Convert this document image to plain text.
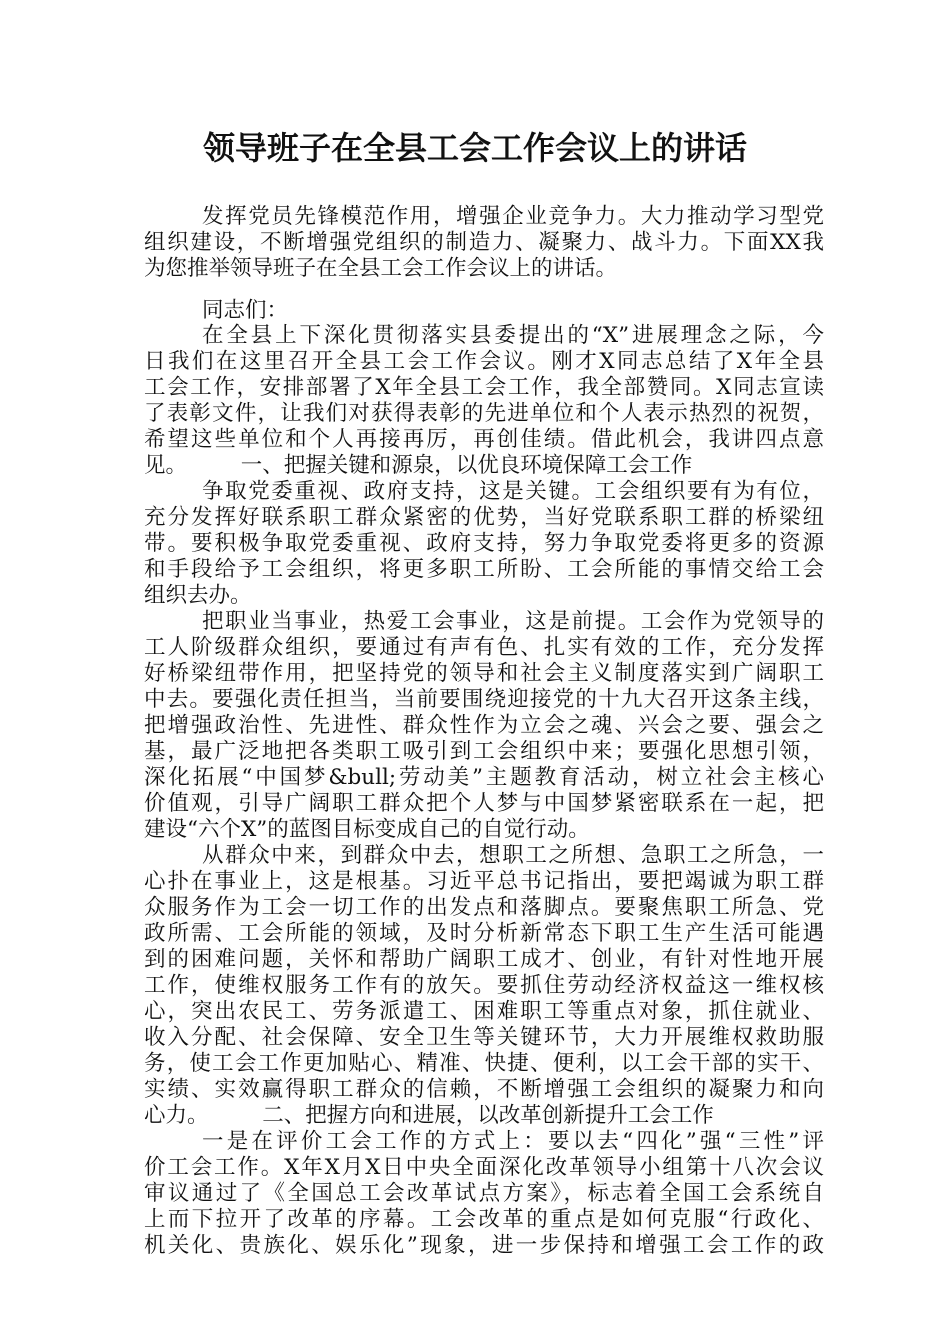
领导班子在全县工会工作会议上的讲话
发挥党员先锋模范作用，增强企业竞争力。大力推动学习型党
组织建设，不断增强党组织的制造力、凝聚力、战斗力。下面XX我
为您推举领导班子在全县工会工作会议上的讲话。
同志们：
在全县上下深化贯彻落实县委提出的“X”进展理念之际，今
日我们在这里召开全县工会工作会议。刚才X同志总结了X年全县
工会工作，安排部署了X年全县工会工作，我全部赞同。X同志宣读
了表彰文件，让我们对获得表彰的先进单位和个人表示热烈的祝贺，
希望这些单位和个人再接再厉，再创佳绩。借此机会，我讲四点意
见。　　　一、把握关键和源泉，以优良环境保障工会工作
争取党委重视、政府支持，这是关键。工会组织要有为有位，
充分发挥好联系职工群众紧密的优势，当好党联系职工群的桥梁纽
带。要积极争取党委重视、政府支持，努力争取党委将更多的资源
和手段给予工会组织，将更多职工所盼、工会所能的事情交给工会
组织去办。
把职业当事业，热爱工会事业，这是前提。工会作为党领导的
工人阶级群众组织，要通过有声有色、扎实有效的工作，充分发挥
好桥梁纽带作用，把坚持党的领导和社会主义制度落实到广阔职工
中去。要强化责任担当，当前要围绕迎接党的十九大召开这条主线，
把增强政治性、先进性、群众性作为立会之魂、兴会之要、强会之
基，最广泛地把各类职工吸引到工会组织中来；要强化思想引领，
深化拓展“中国梦&bull;劳动美”主题教育活动，树立社会主核心
价值观，引导广阔职工群众把个人梦与中国梦紧密联系在一起，把
建设“六个X”的蓝图目标变成自己的自觉行动。
从群众中来，到群众中去，想职工之所想、急职工之所急，一
心扑在事业上，这是根基。习近平总书记指出，要把竭诚为职工群
众服务作为工会一切工作的出发点和落脚点。要聚焦职工所急、党
政所需、工会所能的领域，及时分析新常态下职工生产生活可能遇
到的困难问题，关怀和帮助广阔职工成才、创业，有针对性地开展
工作，使维权服务工作有的放矢。要抓住劳动经济权益这一维权核
心，突出农民工、劳务派遣工、困难职工等重点对象，抓住就业、
收入分配、社会保障、安全卫生等关键环节，大力开展维权救助服
务，使工会工作更加贴心、精准、快捷、便利，以工会干部的实干、
实绩、实效赢得职工群众的信赖，不断增强工会组织的凝聚力和向
心力。　　　二、把握方向和进展，以改革创新提升工会工作
一是在评价工会工作的方式上：要以去“四化”强“三性”评
价工会工作。X年X月X日中央全面深化改革领导小组第十八次会议
审议通过了《全国总工会改革试点方案》，标志着全国工会系统自
上而下拉开了改革的序幕。工会改革的重点是如何克服“行政化、
机关化、贵族化、娱乐化”现象，进一步保持和增强工会工作的政
